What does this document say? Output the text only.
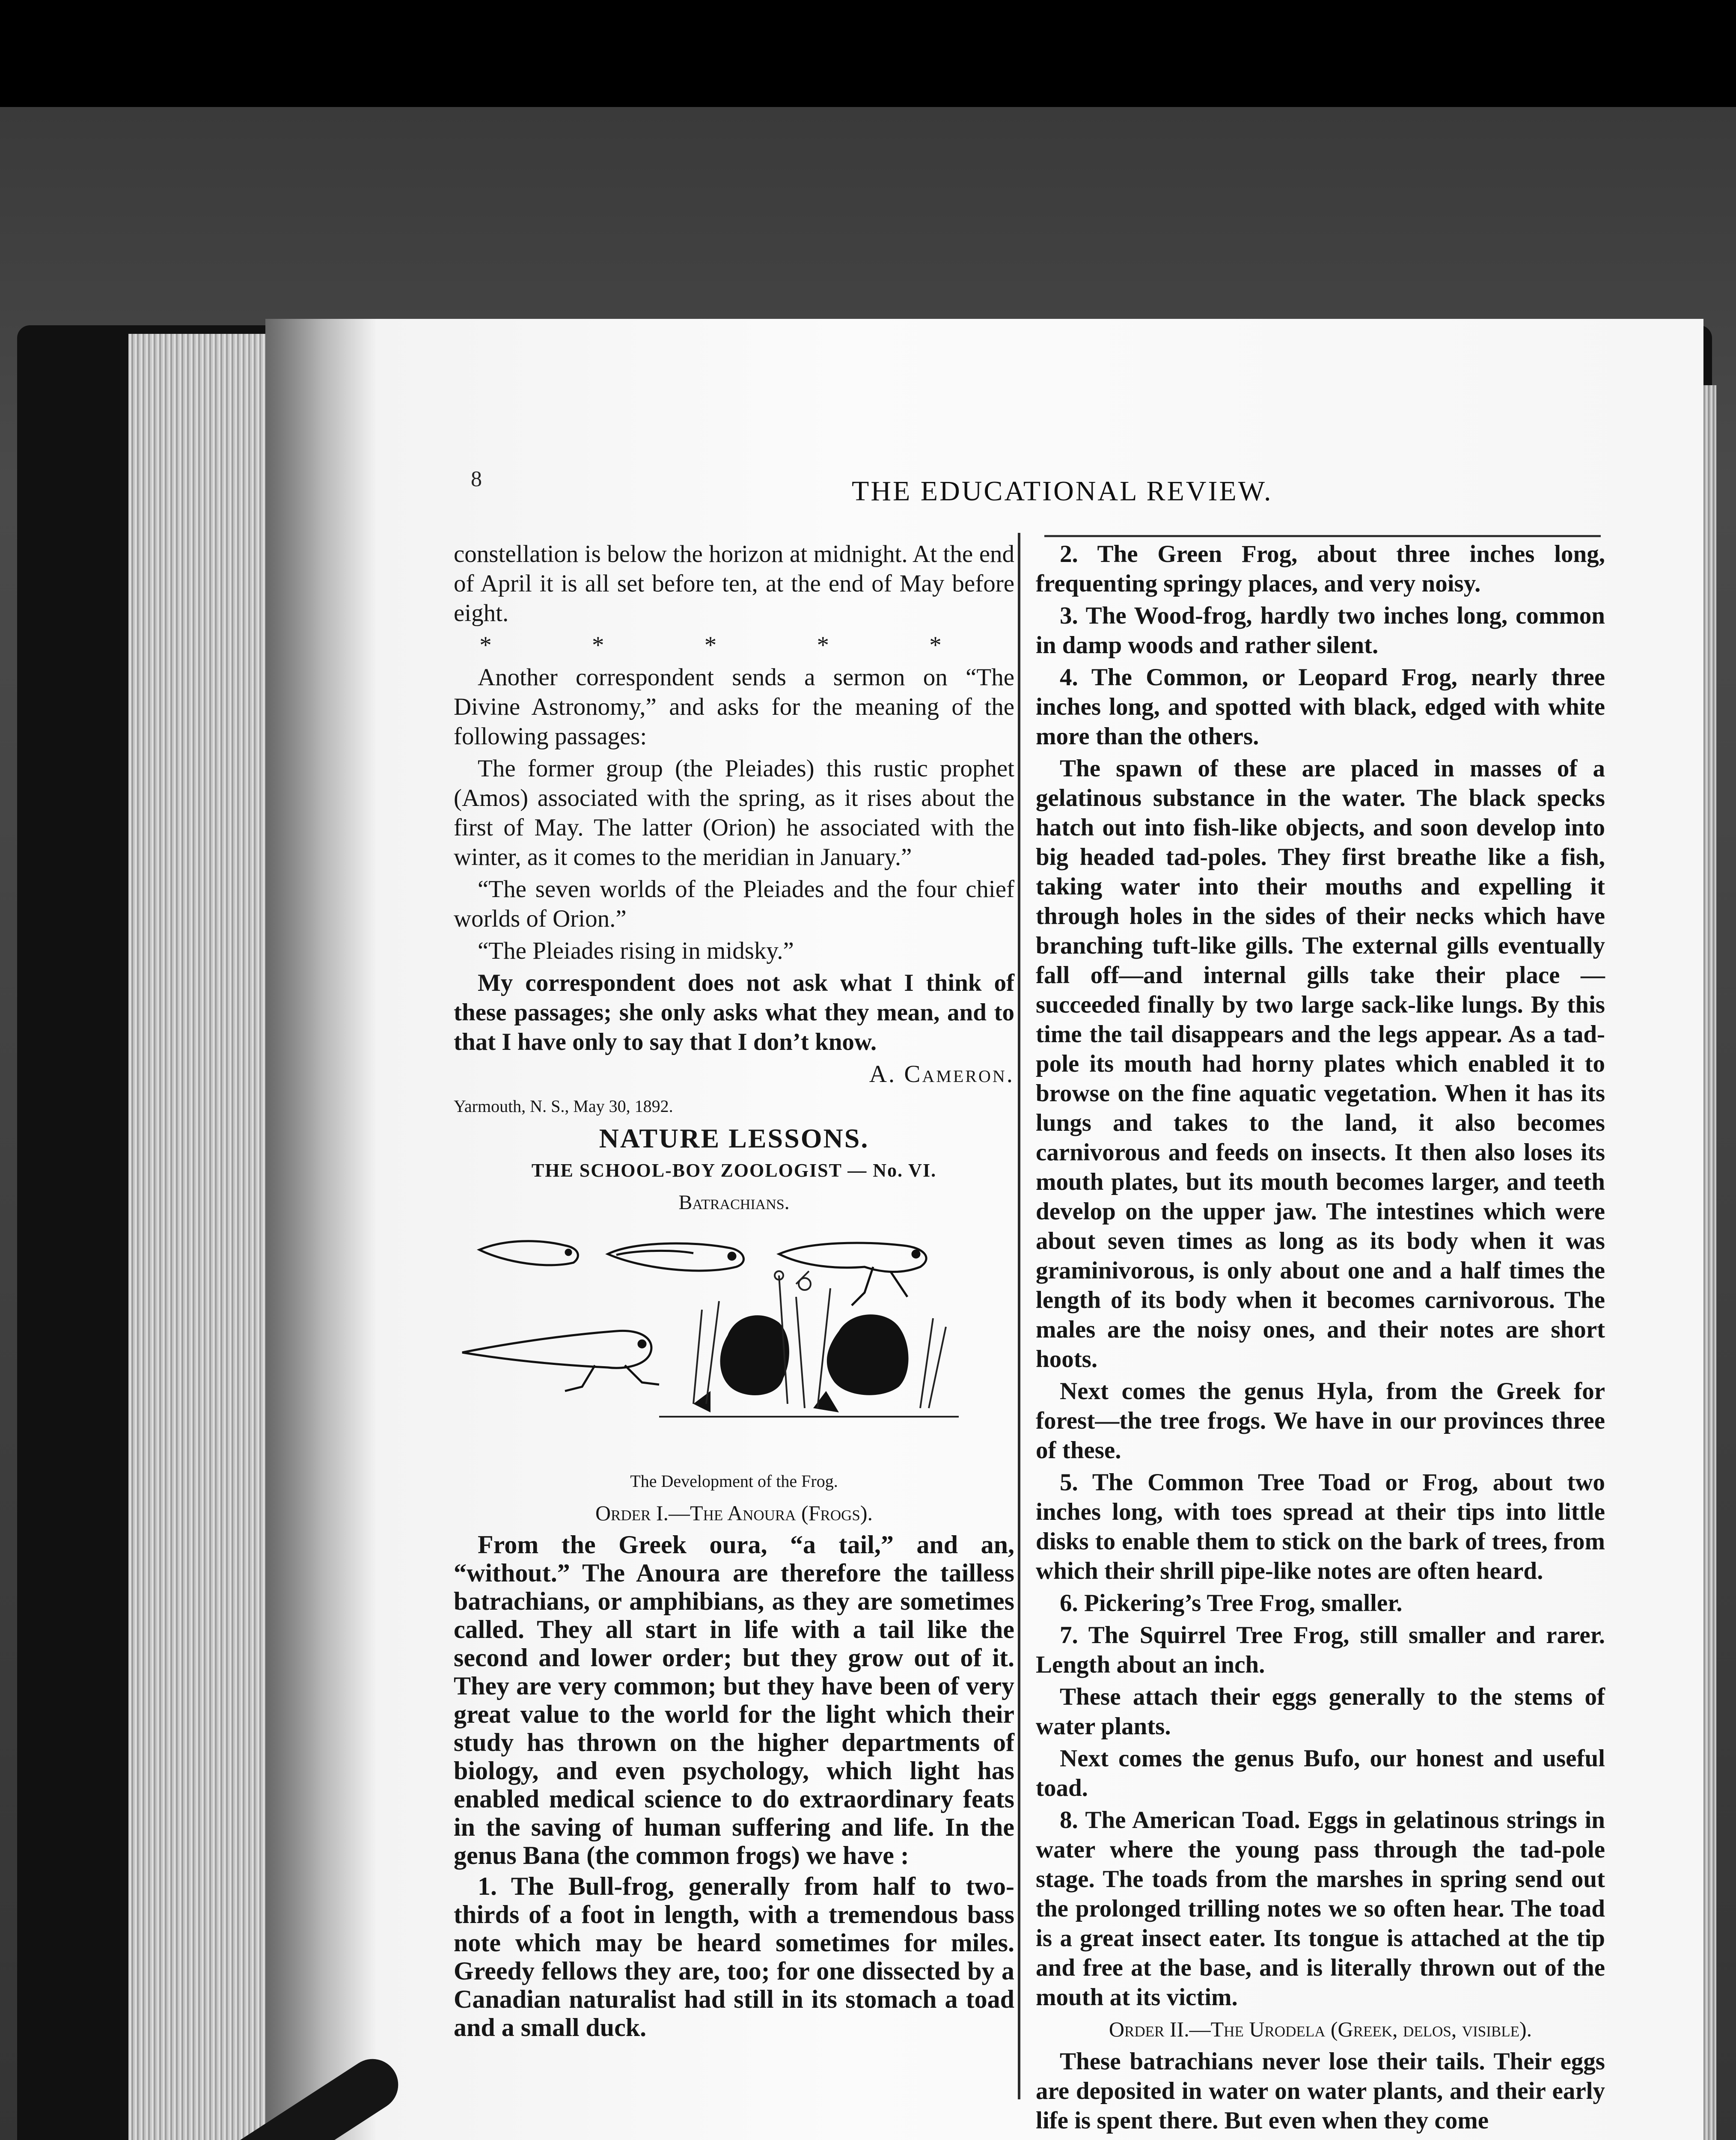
8	THE EDUCATIONAL REVIEW.

constellation is below the horizon at midnight. At the end of April it is all set before ten, at the end of May before eight.

* * * * *

Another correspondent sends a sermon on “The Divine Astronomy,” and asks for the meaning of the following passages:

The former group (the Pleiades) this rustic prophet (Amos) associated with the spring, as it rises about the first of May. The latter (Orion) he associated with the winter, as it comes to the meridian in January.”

“The seven worlds of the Pleiades and the four chief worlds of Orion.”

“The Pleiades rising in midsky.”

My correspondent does not ask what I think of these passages; she only asks what they mean, and to that I have only to say that I don’t know.

A. Cameron.

Yarmouth, N. S., May 30, 1892.

NATURE LESSONS.

THE SCHOOL-BOY ZOOLOGIST — No. VI.

Batrachians.

The Development of the Frog.

Order I.—The Anoura (Frogs).

From the Greek oura, “a tail,” and an, “without.” The Anoura are therefore the tailless batrachians, or amphibians, as they are sometimes called. They all start in life with a tail like the second and lower order; but they grow out of it. They are very common; but they have been of very great value to the world for the light which their study has thrown on the higher departments of biology, and even psychology, which light has enabled medical science to do extraordinary feats in the saving of human suffering and life. In the genus Bana (the common frogs) we have :

1. The Bull-frog, generally from half to two-thirds of a foot in length, with a tremendous bass note which may be heard sometimes for miles. Greedy fellows they are, too; for one dissected by a Canadian naturalist had still in its stomach a toad and a small duck.

2. The Green Frog, about three inches long, frequenting springy places, and very noisy.

3. The Wood-frog, hardly two inches long, common in damp woods and rather silent.

4. The Common, or Leopard Frog, nearly three inches long, and spotted with black, edged with white more than the others.

The spawn of these are placed in masses of a gelatinous substance in the water. The black specks hatch out into fish-like objects, and soon develop into big headed tad-poles. They first breathe like a fish, taking water into their mouths and expelling it through holes in the sides of their necks which have branching tuft-like gills. The external gills eventually fall off—and internal gills take their place —succeeded finally by two large sack-like lungs. By this time the tail disappears and the legs appear. As a tad-pole its mouth had horny plates which enabled it to browse on the fine aquatic vegetation. When it has its lungs and takes to the land, it also becomes carnivorous and feeds on insects. It then also loses its mouth plates, but its mouth becomes larger, and teeth develop on the upper jaw. The intestines which were about seven times as long as its body when it was graminivorous, is only about one and a half times the length of its body when it becomes carnivorous. The males are the noisy ones, and their notes are short hoots.

Next comes the genus Hyla, from the Greek for forest—the tree frogs. We have in our provinces three of these.

5. The Common Tree Toad or Frog, about two inches long, with toes spread at their tips into little disks to enable them to stick on the bark of trees, from which their shrill pipe-like notes are often heard.

6. Pickering’s Tree Frog, smaller.

7. The Squirrel Tree Frog, still smaller and rarer. Length about an inch.

These attach their eggs generally to the stems of water plants.

Next comes the genus Bufo, our honest and useful toad.

8. The American Toad. Eggs in gelatinous strings in water where the young pass through the tad-pole stage. The toads from the marshes in spring send out the prolonged trilling notes we so often hear. The toad is a great insect eater. Its tongue is attached at the tip and free at the base, and is literally thrown out of the mouth at its victim.

Order II.—The Urodela (Greek, delos, visible).

These batrachians never lose their tails. Their eggs are deposited in water on water plants, and their early life is spent there. But even when they come
